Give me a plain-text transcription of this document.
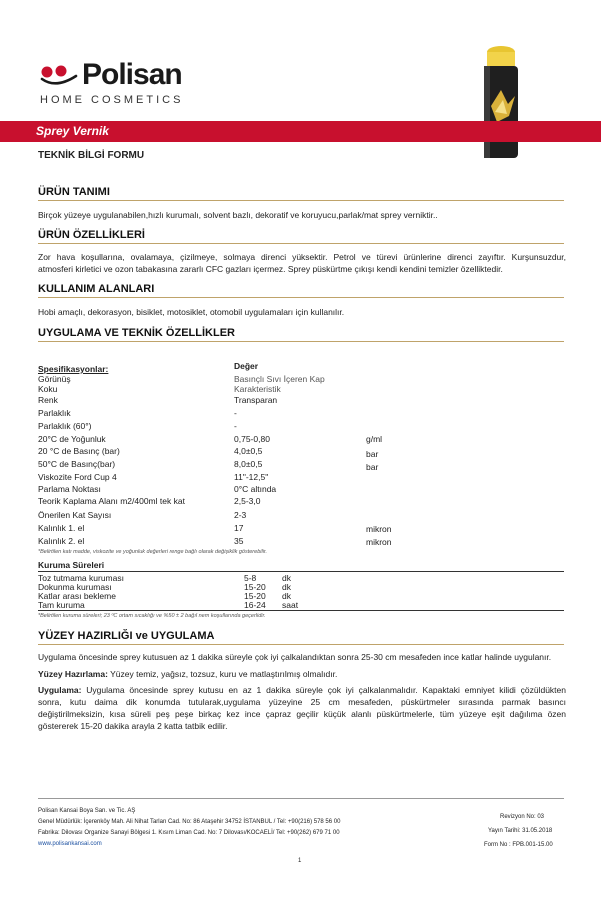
Polisan
HOME COSMETICS
Sprey Vernik
TEKNİK BİLGİ FORMU
ÜRÜN TANIMI
Birçok yüzeye uygulanabilen,hızlı kurumalı, solvent bazlı, dekoratif ve koruyucu,parlak/mat sprey verniktir..
ÜRÜN ÖZELLİKLERİ
Zor hava koşullarına, ovalamaya, çizilmeye, solmaya direnci yüksektir. Petrol ve türevi ürünlerine direnci zayıftır. Kurşunsuzdur,
atmosferi kirletici ve ozon tabakasına zararlı CFC gazları içermez. Sprey püskürtme çıkışı kendi kendini temizler özelliktedir.
KULLANIM ALANLARI
Hobi amaçlı, dekorasyon, bisiklet, motosiklet, otomobil uygulamaları için kullanılır.
UYGULAMA VE TEKNİK ÖZELLİKLER
Spesifikasyonlar:	Değer
Görünüş	Basınçlı Sıvı İçeren Kap
Koku	Karakteristik
Renk	Transparan
Parlaklık	-
Parlaklık (60°)	-
20°C de Yoğunluk	0,75-0,80	g/ml
20 °C de Basınç (bar)	4,0±0,5	bar
50°C de Basınç(bar)	8,0±0,5	bar
Viskozite Ford Cup 4	11"-12,5"
Parlama Noktası	0°C altında
Teorik Kaplama Alanı m2/400ml tek kat	2,5-3,0
Önerilen Kat Sayısı	2-3
Kalınlık 1. el	17	mikron
Kalınlık 2. el	35	mikron
*Belirtilen katı madde, viskozite ve yoğunluk değerleri renge bağlı olarak değişiklik gösterebilir.
Kuruma Süreleri
Toz tutmama kuruması	5-8	dk
Dokunma kuruması	15-20 dk
Katlar arası bekleme	15-20 dk
Tam kuruma	16-24 saat
*Belirtilen kuruma süreleri; 23 ºC ortam sıcaklığı ve %50 ± 2 bağıl nem koşullarında geçerlidir.
YÜZEY HAZIRLIĞI ve UYGULAMA
Uygulama öncesinde sprey kutusuen az 1 dakika süreyle çok iyi çalkalandıktan sonra 25-30 cm mesafeden ince katlar halinde uygulanır.
Yüzey Hazırlama: Yüzey temiz, yağsız, tozsuz, kuru ve matlaştırılmış olmalıdır.
Uygulama: Uygulama öncesinde sprey kutusu en az 1 dakika süreyle çok iyi çalkalanmalıdır. Kapaktaki emniyet kilidi çözüldükten
sonra, kutu daima dik konumda tutularak,uygulama yüzeyine 25 cm mesafeden, püskürtmeler sırasında parmak basıncı
değiştirilmeksizin, kısa süreli peş peşe birkaç kez ince çapraz geçilir küçük alanlı püskürtmelerle, tüm yüzeye eşit dağılıma özen
göstererek 15-20 dakika arayla 2 katta tatbik edilir.
Polisan Kansai Boya San. ve Tic. AŞ
Genel Müdürlük: İçerenköy Mah. Ali Nihat Tarlan Cad. No: 86 Ataşehir 34752 İSTANBUL / Tel: +90(216) 578 56 00
Fabrika: Dilovası Organize Sanayi Bölgesi 1. Kısım Liman Cad. No: 7 Dilovası/KOCAELİ/ Tel: +90(262) 679 71 00
www.polisankansai.com
Revizyon No: 03
Yayın Tarihi: 31.05.2018
Form No : FPB.001-15.00
1
